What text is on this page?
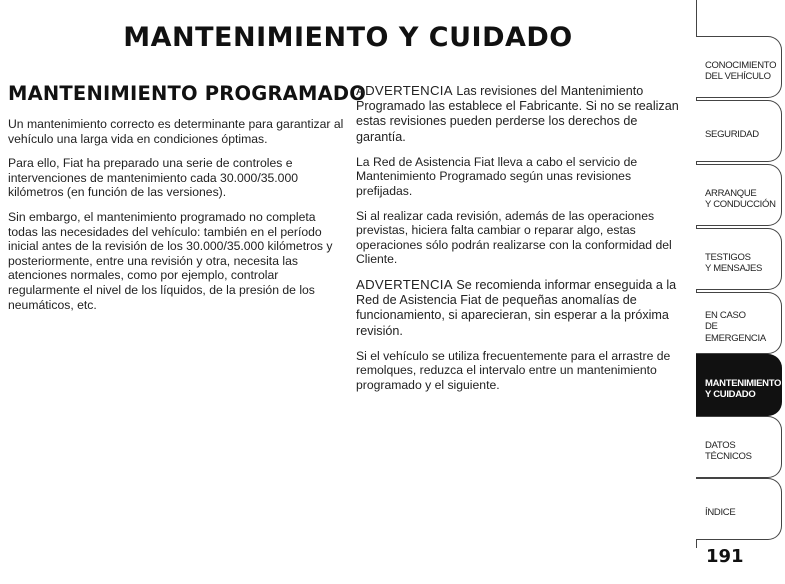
MANTENIMIENTO Y CUIDADO
MANTENIMIENTO PROGRAMADO

Un mantenimiento correcto es determinante para garantizar al vehículo una larga vida en condiciones óptimas.

Para ello, Fiat ha preparado una serie de controles e intervenciones de mantenimiento cada 30.000/35.000 kilómetros (en función de las versiones).

Sin embargo, el mantenimiento programado no completa todas las necesidades del vehículo: también en el período inicial antes de la revisión de los 30.000/35.000 kilómetros y posteriormente, entre una revisión y otra, necesita las atenciones normales, como por ejemplo, controlar regularmente el nivel de los líquidos, de la presión de los neumáticos, etc.

ADVERTENCIA Las revisiones del Mantenimiento Programado las establece el Fabricante. Si no se realizan estas revisiones pueden perderse los derechos de garantía.

La Red de Asistencia Fiat lleva a cabo el servicio de Mantenimiento Programado según unas revisiones prefijadas.

Si al realizar cada revisión, además de las operaciones previstas, hiciera falta cambiar o reparar algo, estas operaciones sólo podrán realizarse con la conformidad del Cliente.

ADVERTENCIA Se recomienda informar enseguida a la Red de Asistencia Fiat de pequeñas anomalías de funcionamiento, si aparecieran, sin esperar a la próxima revisión.

Si el vehículo se utiliza frecuentemente para el arrastre de remolques, reduzca el intervalo entre un mantenimiento programado y el siguiente.

CONOCIMIENTO
DEL VEHÍCULO
SEGURIDAD
ARRANQUE
Y CONDUCCIÓN
TESTIGOS
Y MENSAJES
EN CASO
DE EMERGENCIA
MANTENIMIENTO
Y CUIDADO
DATOS TÉCNICOS
ÍNDICE
191
